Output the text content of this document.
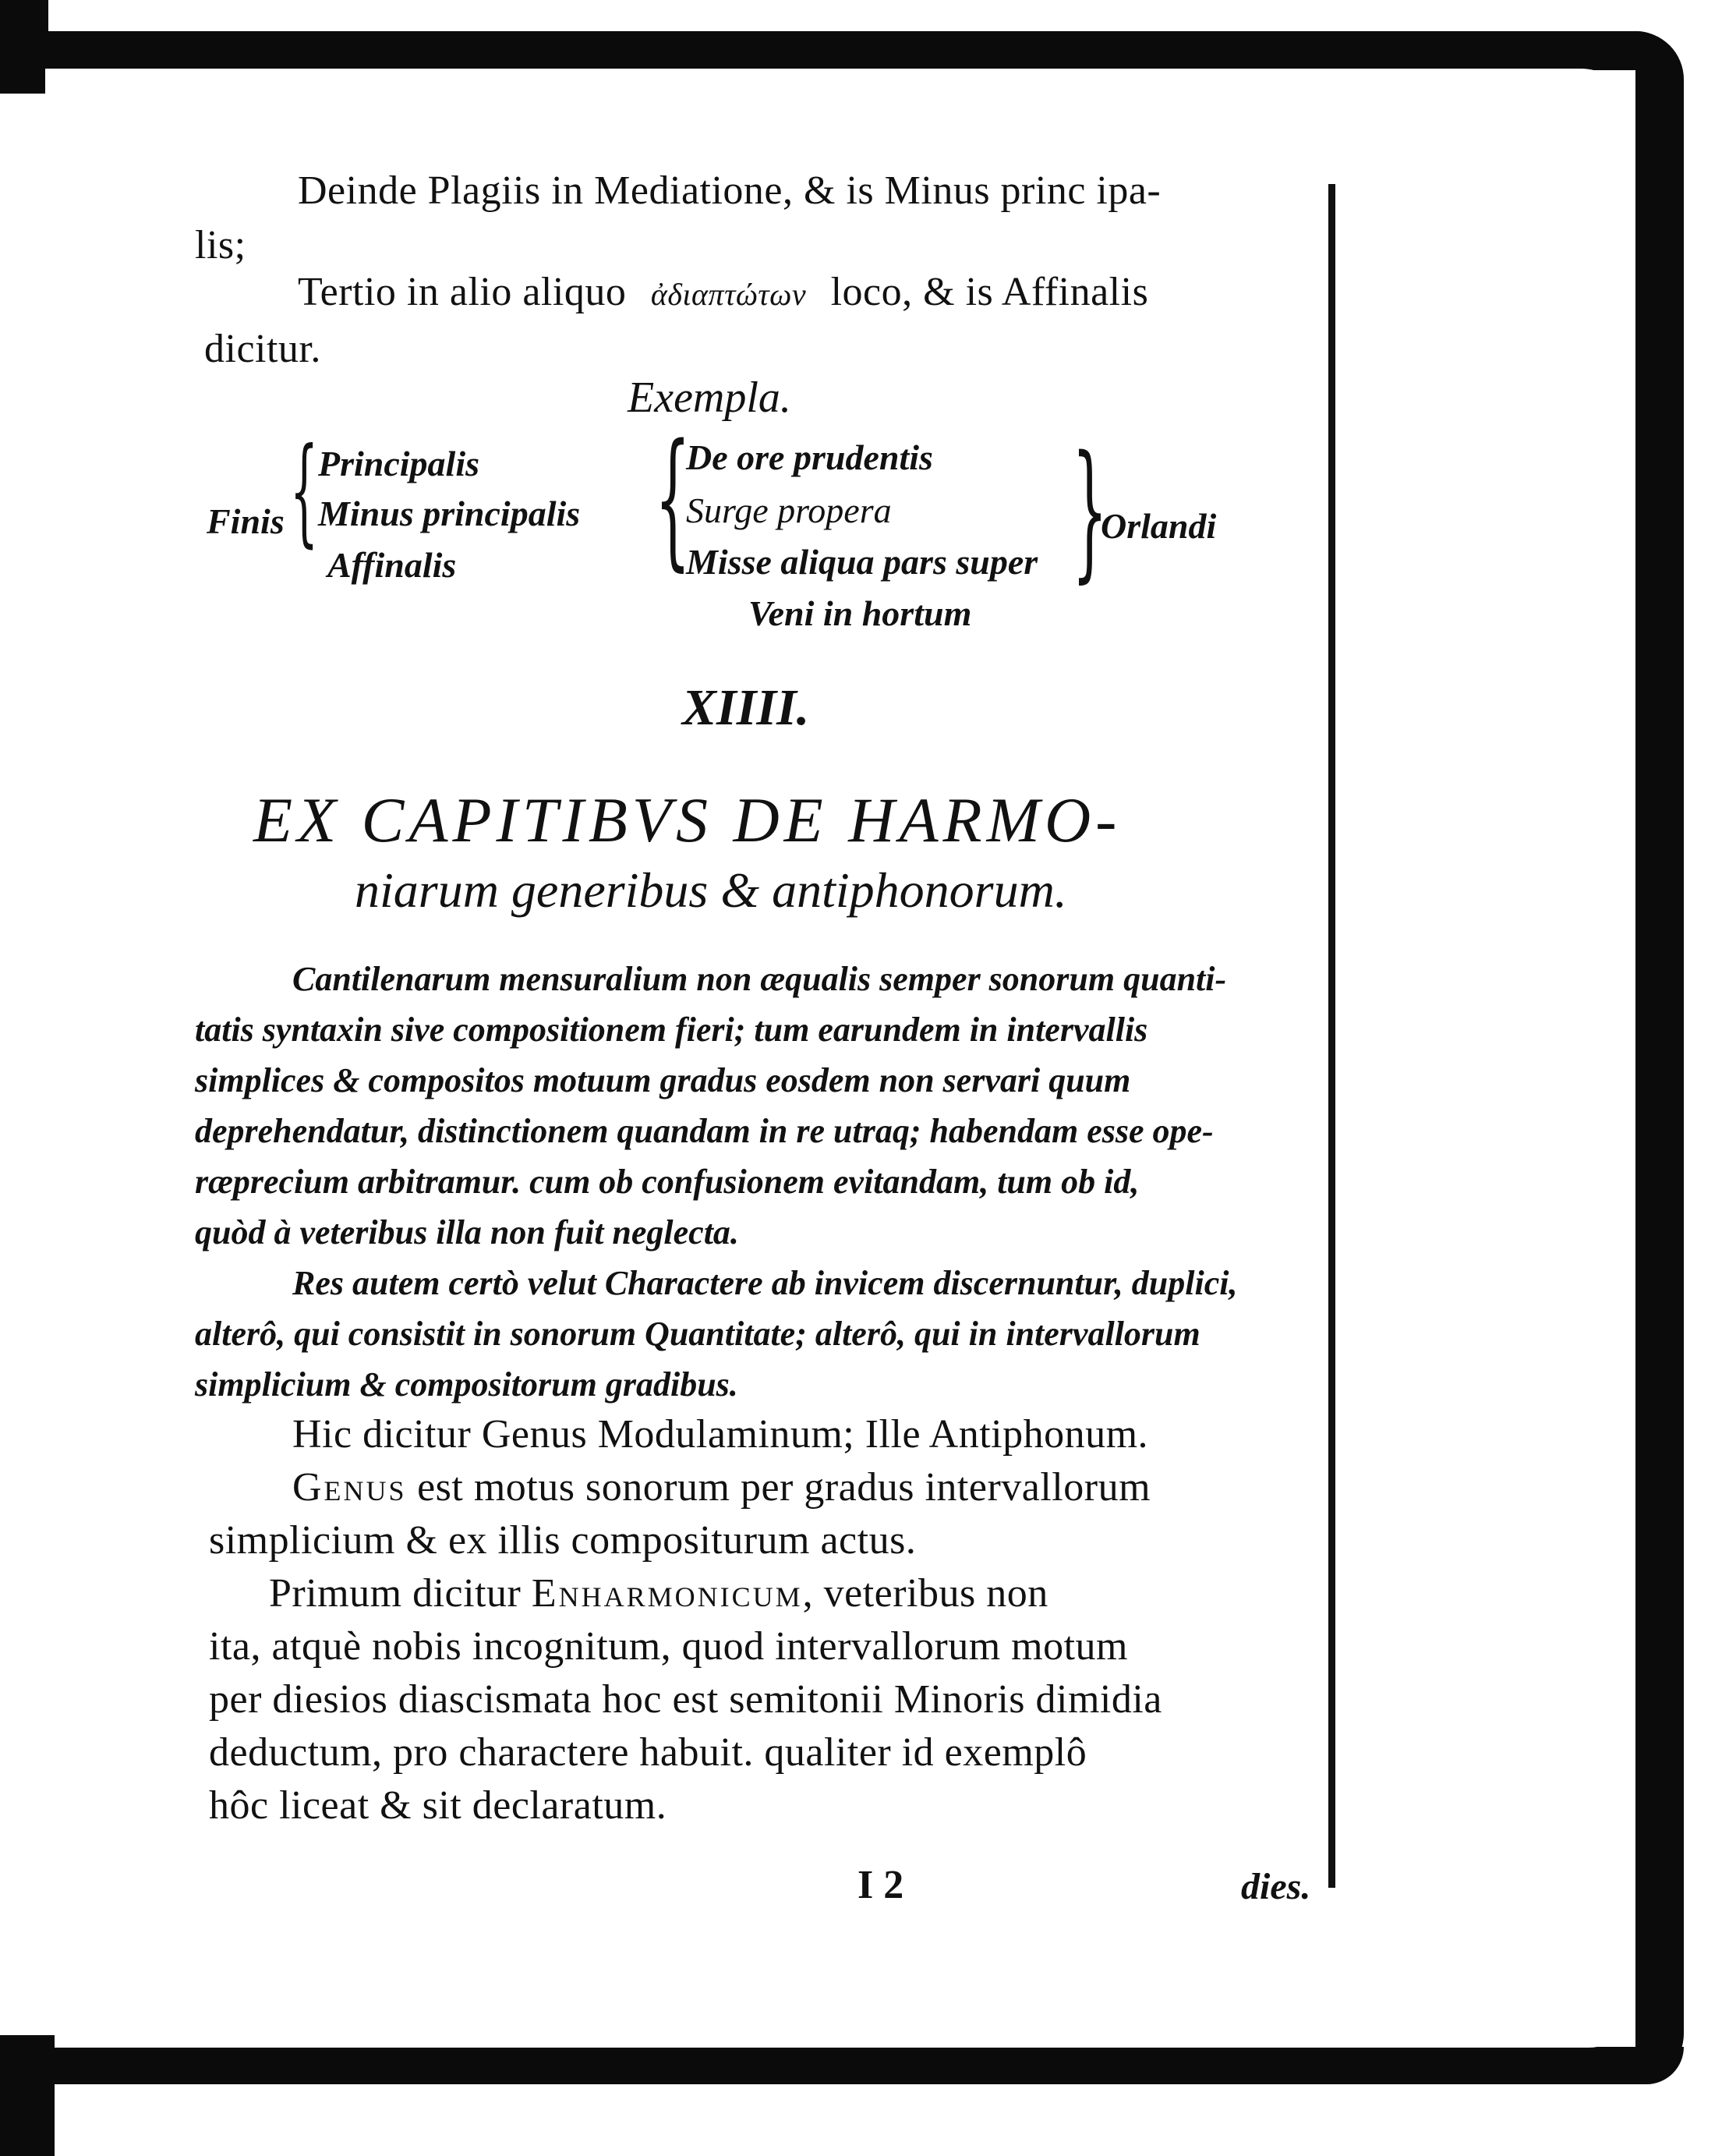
Deinde Plagiis in Mediatione, & is Minus princ ipa-
lis;
Tertio in alio aliquo ἀδιαπτώτων loco, & is Affinalis
dicitur.
Exempla.
Finis { Principalis
Minus principalis
Affinalis {
De ore prudentis
Surge propera
Misse aliqua pars super
Veni in hortum
}
Orlandi
XIIII.
EX CAPITIBVS DE HARMO-
niarum generibus & antiphonorum.
Cantilenarum mensuralium non æqualis semper sonorum quanti-
tatis syntaxin sive compositionem fieri; tum earundem in intervallis
simplices & compositos motuum gradus eosdem non servari quum
deprehendatur, distinctionem quandam in re utraq; habendam esse ope-
ræprecium arbitramur. cum ob confusionem evitandam, tum ob id,
quòd à veteribus illa non fuit neglecta.
Res autem certò velut Charactere ab invicem discernuntur, duplici,
alterô, qui consistit in sonorum Quantitate; alterô, qui in intervallorum
simplicium & compositorum gradibus.
Hic dicitur Genus Modulaminum; Ille Antiphonum.
Genus est motus sonorum per gradus intervallorum
simplicium & ex illis compositurum actus.
Primum dicitur Enharmonicum, veteribus non
ita, atquè nobis incognitum, quod intervallorum motum
per diesios diascismata hoc est semitonii Minoris dimidia
deductum, pro charactere habuit. qualiter id exemplô
hôc liceat & sit declaratum.
I 2	dies.
